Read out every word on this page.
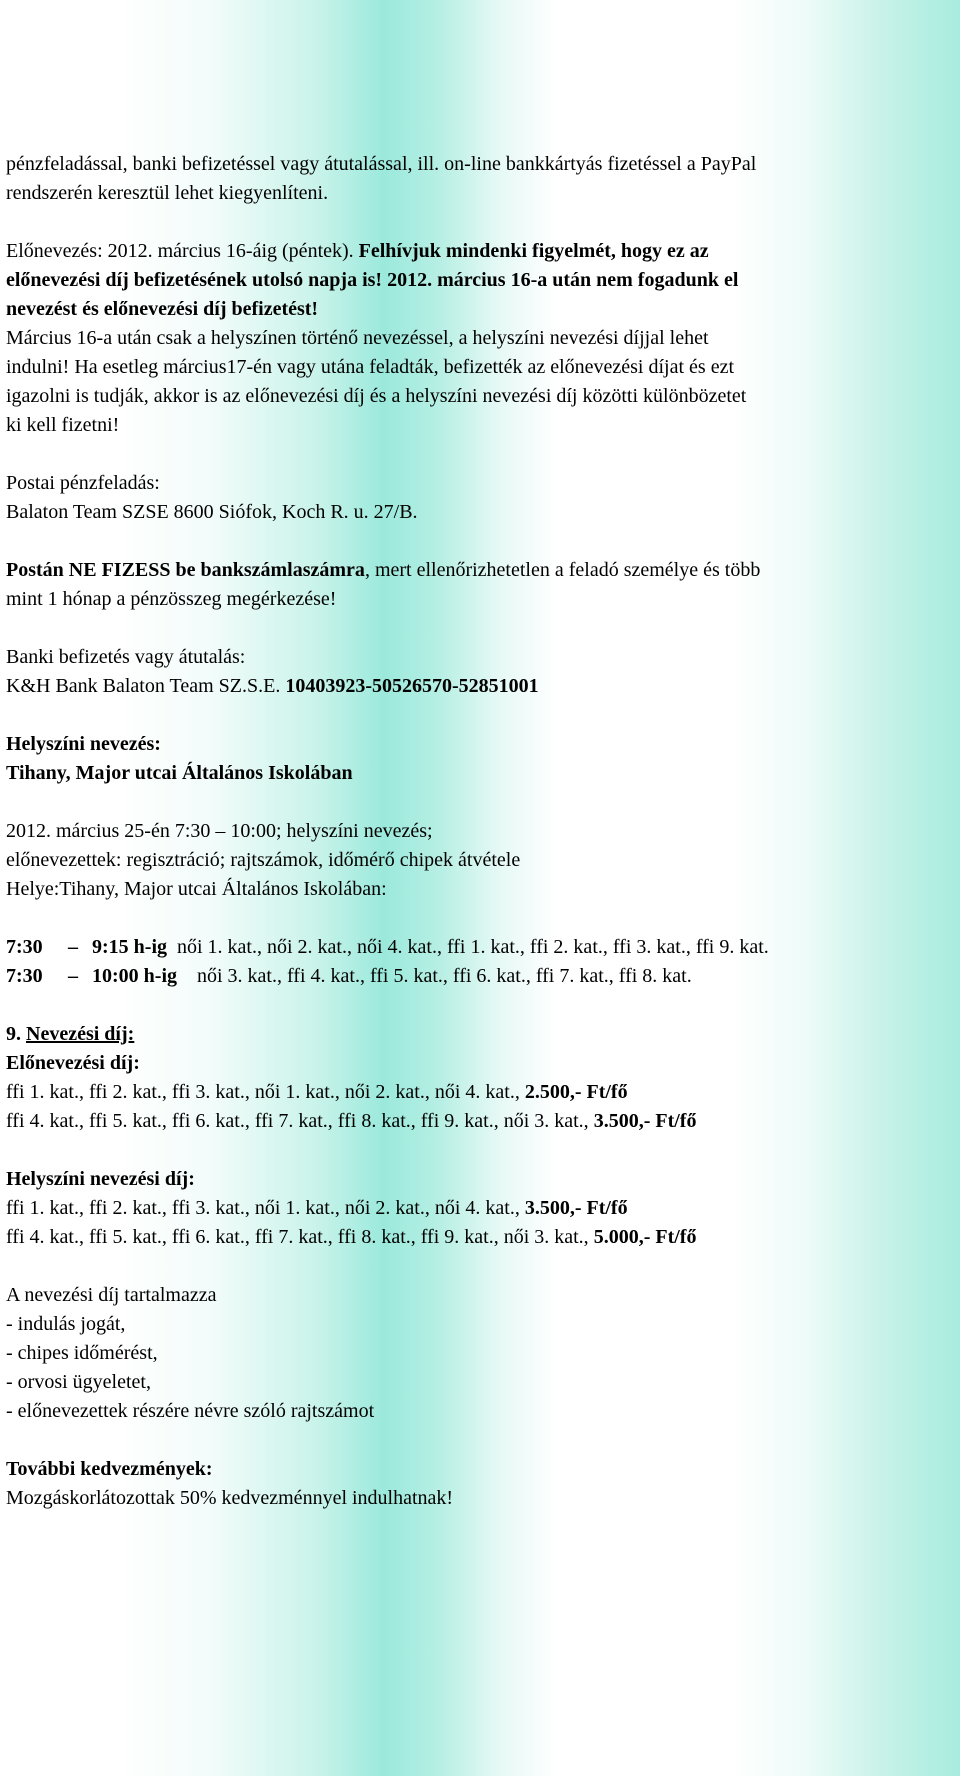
pénzfeladással, banki befizetéssel vagy átutalással, ill. on-line bankkártyás fizetéssel a PayPal

rendszerén keresztül lehet kiegyenlíteni.

Előnevezés: 2012. március 16-áig (péntek). Felhívjuk mindenki figyelmét, hogy ez az

előnevezési díj befizetésének utolsó napja is! 2012. március 16-a után nem fogadunk el

nevezést és előnevezési díj befizetést!

Március 16-a után csak a helyszínen történő nevezéssel, a helyszíni nevezési díjjal lehet

indulni! Ha esetleg március17-én vagy utána feladták, befizették az előnevezési díjat és ezt

igazolni is tudják, akkor is az előnevezési díj és a helyszíni nevezési díj közötti különbözetet

ki kell fizetni!

Postai pénzfeladás:

Balaton Team SZSE 8600 Siófok, Koch R. u. 27/B.

Postán NE FIZESS be bankszámlaszámra, mert ellenőrizhetetlen a feladó személye és több

mint 1 hónap a pénzösszeg megérkezése!

Banki befizetés vagy átutalás:

K&H Bank Balaton Team SZ.S.E. 10403923-50526570-52851001

Helyszíni nevezés:

Tihany, Major utcai Általános Iskolában

2012. március 25-én 7:30 – 10:00; helyszíni nevezés;

előnevezettek: regisztráció; rajtszámok, időmérő chipek átvétele

Helye:Tihany, Major utcai Általános Iskolában:

7:30 – 9:15 h-ig női 1. kat., női 2. kat., női 4. kat., ffi 1. kat., ffi 2. kat., ffi 3. kat., ffi 9. kat.

7:30 – 10:00 h-ig női 3. kat., ffi 4. kat., ffi 5. kat., ffi 6. kat., ffi 7. kat., ffi 8. kat.

9. Nevezési díj:

Előnevezési díj:

ffi 1. kat., ffi 2. kat., ffi 3. kat., női 1. kat., női 2. kat., női 4. kat., 2.500,- Ft/fő

ffi 4. kat., ffi 5. kat., ffi 6. kat., ffi 7. kat., ffi 8. kat., ffi 9. kat., női 3. kat., 3.500,- Ft/fő

Helyszíni nevezési díj:

ffi 1. kat., ffi 2. kat., ffi 3. kat., női 1. kat., női 2. kat., női 4. kat., 3.500,- Ft/fő

ffi 4. kat., ffi 5. kat., ffi 6. kat., ffi 7. kat., ffi 8. kat., ffi 9. kat., női 3. kat., 5.000,- Ft/fő

A nevezési díj tartalmazza

- indulás jogát,

- chipes időmérést,

- orvosi ügyeletet,

- előnevezettek részére névre szóló rajtszámot

További kedvezmények:

Mozgáskorlátozottak 50% kedvezménnyel indulhatnak!
